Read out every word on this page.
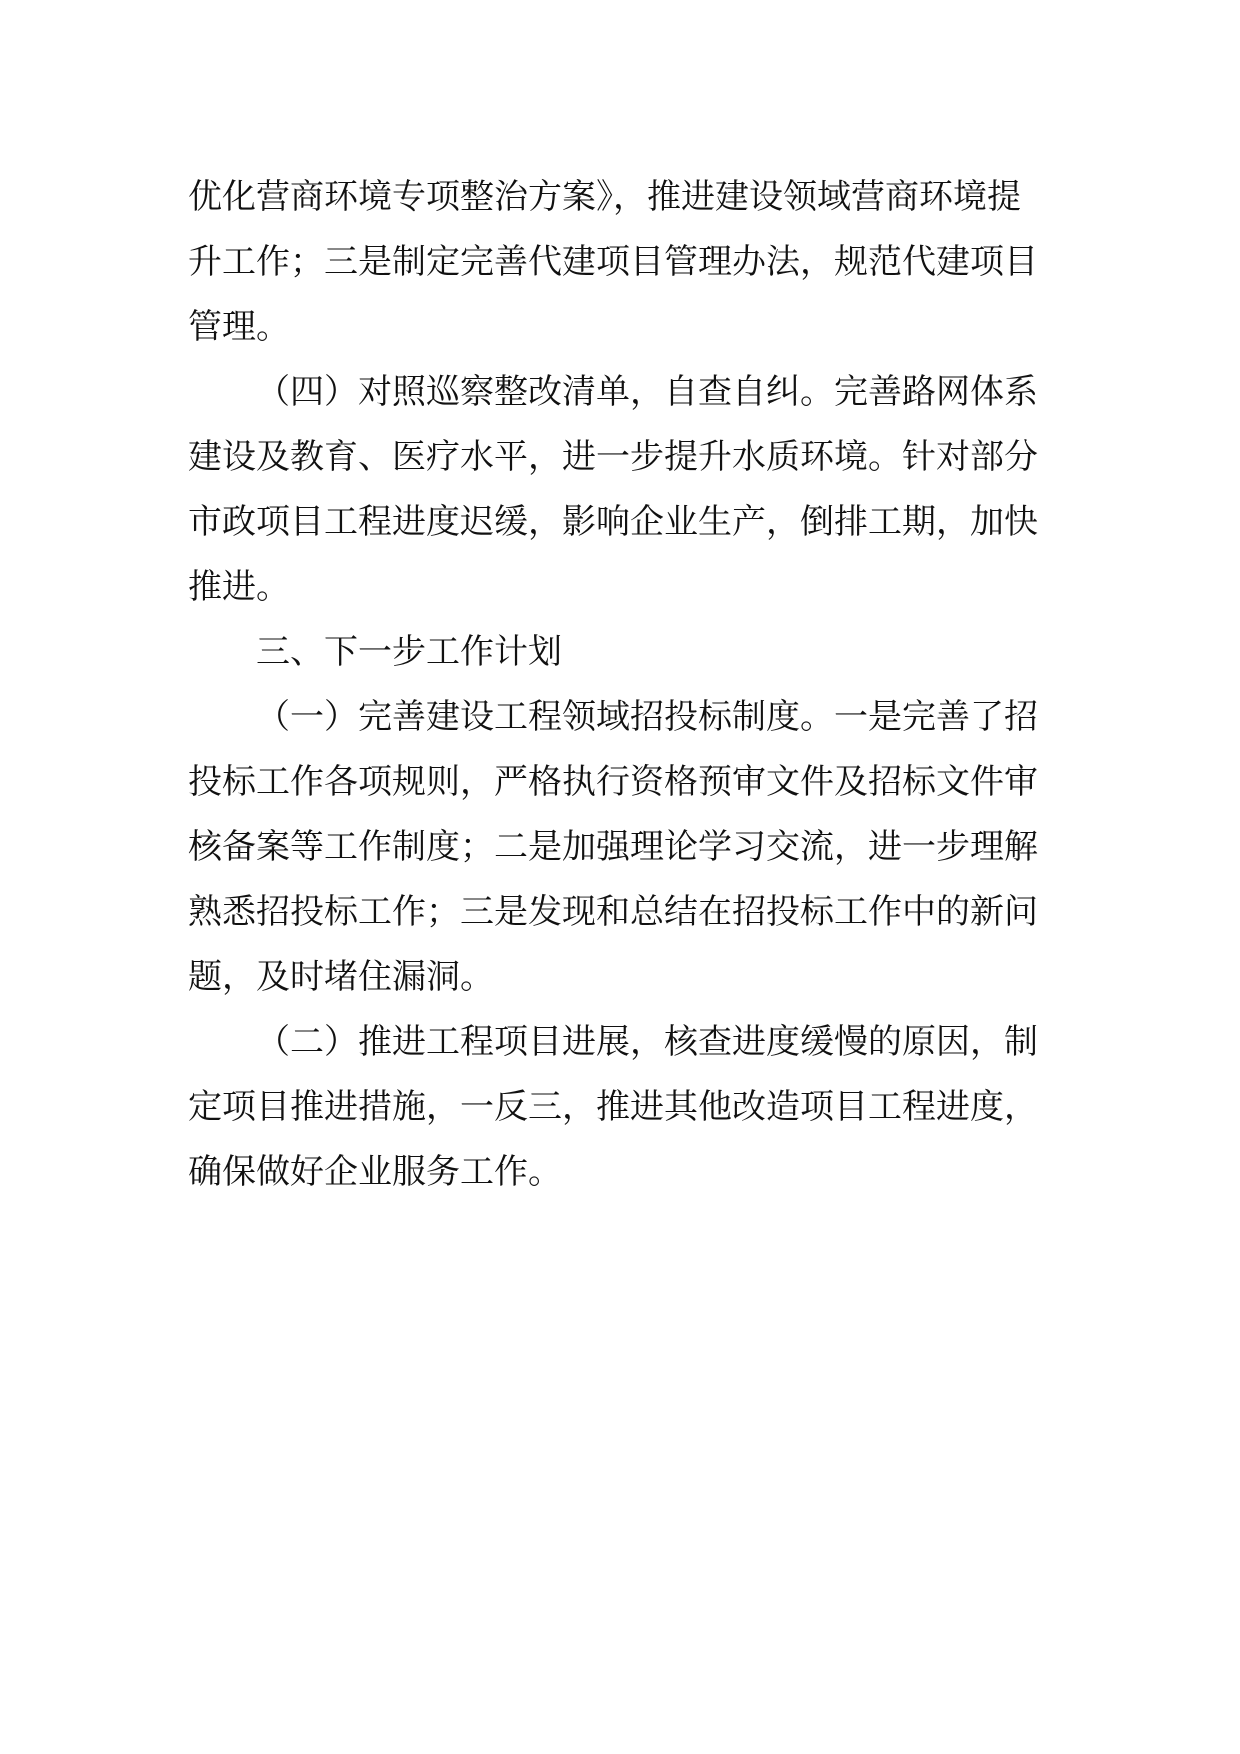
优化营商环境专项整治方案》，推进建设领域营商环境提
升工作；三是制定完善代建项目管理办法，规范代建项目
管理。
（四）对照巡察整改清单，自查自纠。完善路网体系
建设及教育、医疗水平，进一步提升水质环境。针对部分
市政项目工程进度迟缓，影响企业生产，倒排工期，加快
推进。
三、下一步工作计划
（一）完善建设工程领域招投标制度。一是完善了招
投标工作各项规则，严格执行资格预审文件及招标文件审
核备案等工作制度；二是加强理论学习交流，进一步理解
熟悉招投标工作；三是发现和总结在招投标工作中的新问
题，及时堵住漏洞。
（二）推进工程项目进展，核查进度缓慢的原因，制
定项目推进措施，一反三，推进其他改造项目工程进度，
确保做好企业服务工作。
